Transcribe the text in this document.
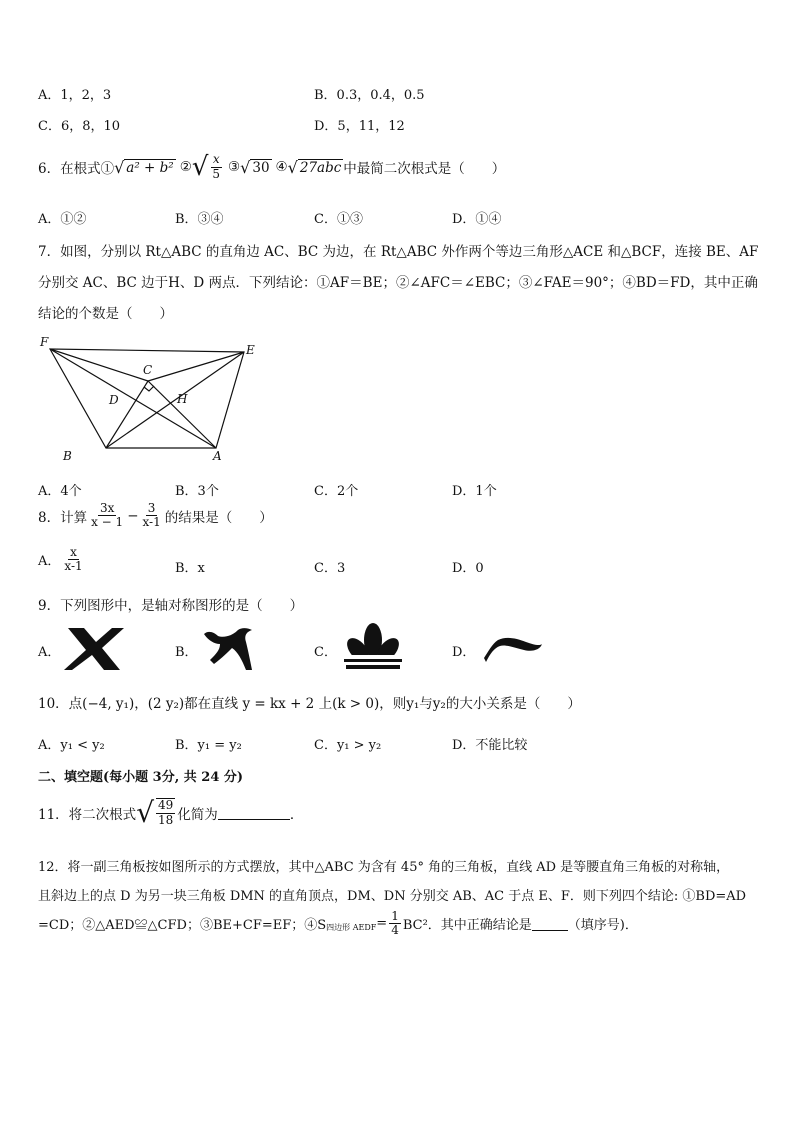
A．1，2，3	B．0.3，0.4，0.5
C．6，8，10	D．5，11，12
6．在根式① √ a² + b² ② √ $\frac{x}{5}$ ③ √ 30 ④ √ 27abc 中最简二次根式是（　　）
A．①②	B．③④	C．①③	D．①④
7．如图，分别以 Rt△ABC 的直角边 AC、BC 为边，在 Rt△ABC 外作两个等边三角形△ACE 和△BCF，连接 BE、AF
分别交 AC、BC 边于H、D 两点．下列结论：①AF＝BE；②∠AFC＝∠EBC；③∠FAE＝90°；④BD＝FD，其中正确
结论的个数是（　　）
F
E
C
D	H
B	A
A．4个	B．3个	C．2个	D．1个
8．计算 $\frac{3x}{x - 1} - \frac{3}{x-1}$ 的结果是（　　）
A． $\frac{x}{x-1}$	B．x	C．3	D．0
9．下列图形中，是轴对称图形的是（　　）
A．	B．	C．	D．
10．点(−4, y₁)，(2 y₂)都在直线 y = kx + 2 上(k > 0)，则y₁与y₂的大小关系是（　　）
A．y₁ < y₂	B．y₁ = y₂	C．y₁ > y₂	D．不能比较
二、填空题(每小题 3分, 共 24 分)
11．将二次根式 √ $\frac{49}{18}$ 化简为	．
12．将一副三角板按如图所示的方式摆放，其中△ABC 为含有 45° 角的三角板，直线 AD 是等腰直角三角板的对称轴，
且斜边上的点 D 为另一块三角板 DMN 的直角顶点，DM、DN 分别交 AB、AC 于点 E、F．则下列四个结论: ①BD=AD
=CD；②△AED≌△CFD；③BE+CF=EF；④S 四边形 AEDF = $\frac{1}{4} BC^2$．其中正确结论是	（填序号)．
